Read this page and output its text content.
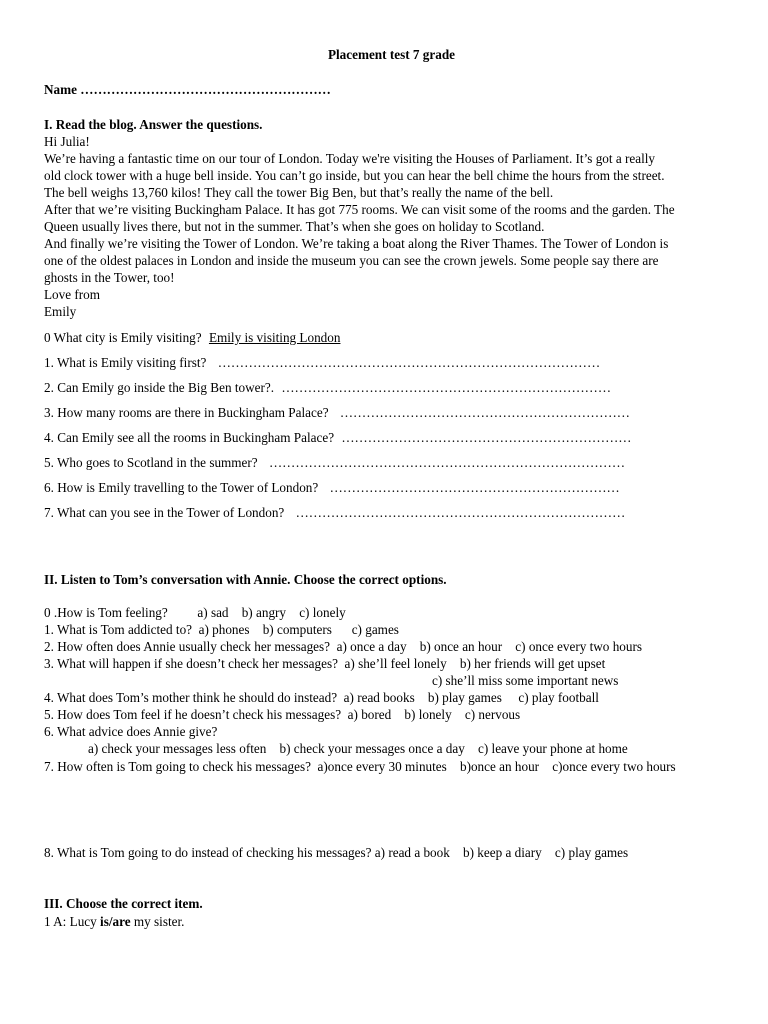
Placement test 7 grade
Name …………………………………………………
I. Read the blog. Answer the questions.
Hi Julia!
We’re having a fantastic time on our tour of London. Today we're visiting the Houses of Parliament. It’s got a really
old clock tower with a huge bell inside. You can’t go inside, but you can hear the bell chime the hours from the street.
The bell weighs 13,760 kilos! They call the tower Big Ben, but that’s really the name of the bell.
After that we’re visiting Buckingham Palace. It has got 775 rooms. We can visit some of the rooms and the garden. The
Queen usually lives there, but not in the summer. That’s when she goes on holiday to Scotland.
And finally we’re visiting the Tower of London. We’re taking a boat along the River Thames. The Tower of London is
one of the oldest palaces in London and inside the museum you can see the crown jewels. Some people say there are
ghosts in the Tower, too!
Love from
Emily
0 What city is Emily visiting? Emily is visiting London
1. What is Emily visiting first? ……………………………………………………………………………
2. Can Emily go inside the Big Ben tower?. …………………………………………………………………
3. How many rooms are there in Buckingham Palace? …………………………………………………………
4. Can Emily see all the rooms in Buckingham Palace? …………………………………………………………
5. Who goes to Scotland in the summer? ………………………………………………………………………
6. How is Emily travelling to the Tower of London? …………………………………………………………
7. What can you see in the Tower of London? …………………………………………………………………
II. Listen to Tom’s conversation with Annie. Choose the correct options.
0 .How is Tom feeling?         a) sad    b) angry    c) lonely
1. What is Tom addicted to?  a) phones    b) computers      c) games
2. How often does Annie usually check her messages?  a) once a day    b) once an hour    c) once every two hours
3. What will happen if she doesn’t check her messages?  a) she’ll feel lonely    b) her friends will get upset
c) she’ll miss some important news
4. What does Tom’s mother think he should do instead?  a) read books    b) play games     c) play football
5. How does Tom feel if he doesn’t check his messages?  a) bored    b) lonely    c) nervous
6. What advice does Annie give?
a) check your messages less often    b) check your messages once a day    c) leave your phone at home
7. How often is Tom going to check his messages?  a)once every 30 minutes    b)once an hour    c)once every two hours
8. What is Tom going to do instead of checking his messages? a) read a book    b) keep a diary    c) play games
III. Choose the correct item.
1 A: Lucy is/are my sister.
